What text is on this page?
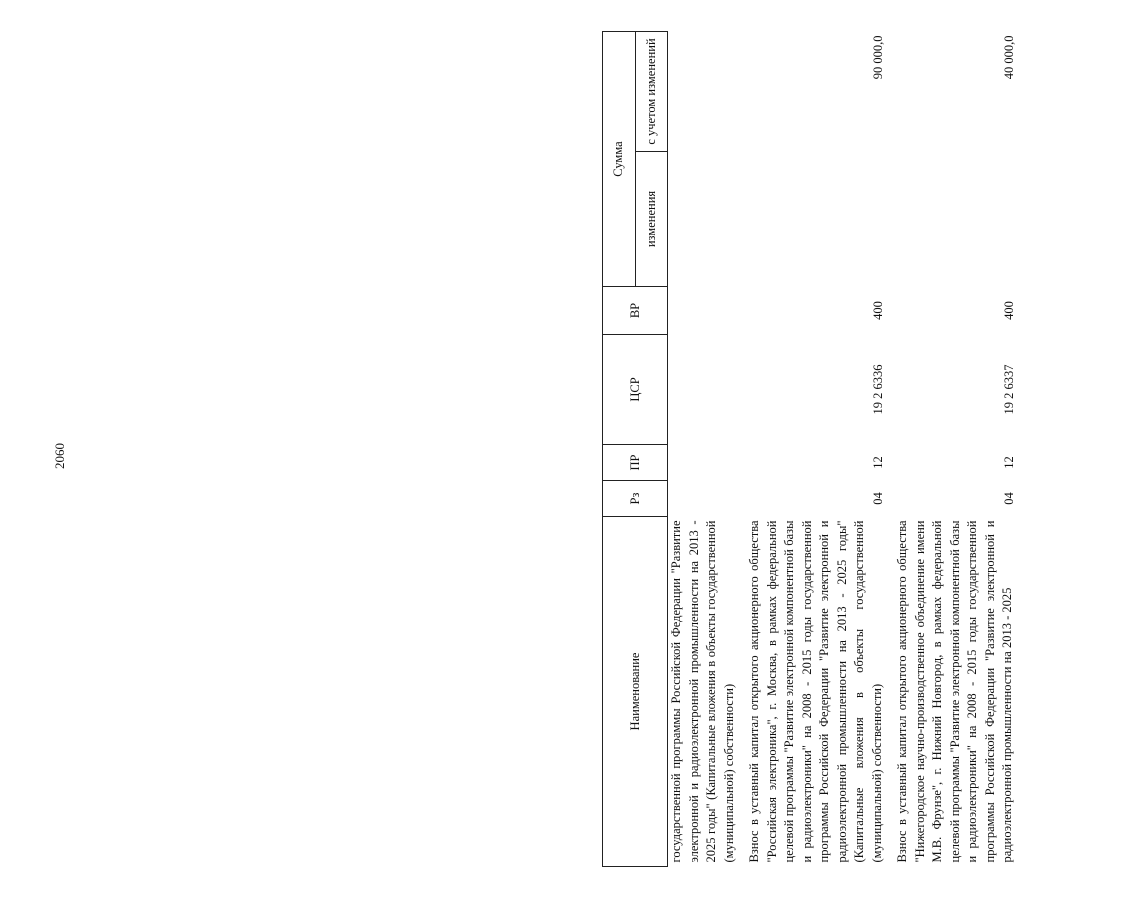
2060
Наименование	Рз	ПР	ЦСР	ВР	Сумма	
					изменения	с учетом изменений
государственной программы Российской Федерации "Развитие электронной и радиоэлектронной промышленности на 2013 - 2025 годы" (Капитальные вложения в объекты государственной (муниципальной) собственности)						
Взнос в уставный капитал открытого акционерного общества "Российская электроника", г. Москва, в рамках федеральной целевой программы "Развитие электронной компонентной базы и радиоэлектроники" на 2008 - 2015 годы государственной программы Российской Федерации "Развитие электронной и радиоэлектронной промышленности на 2013 - 2025 годы" (Капитальные вложения в объекты государственной (муниципальной) собственности)	04	12	19 2 6336	400		90 000,0
Взнос в уставный капитал открытого акционерного общества "Нижегородское научно-производственное объединение имени М.В. Фрунзе", г. Нижний Новгород, в рамках федеральной целевой программы "Развитие электронной компонентной базы и радиоэлектроники" на 2008 - 2015 годы государственной программы Российской Федерации "Развитие электронной и радиоэлектронной промышленности на 2013 - 2025	04	12	19 2 6337	400		40 000,0
